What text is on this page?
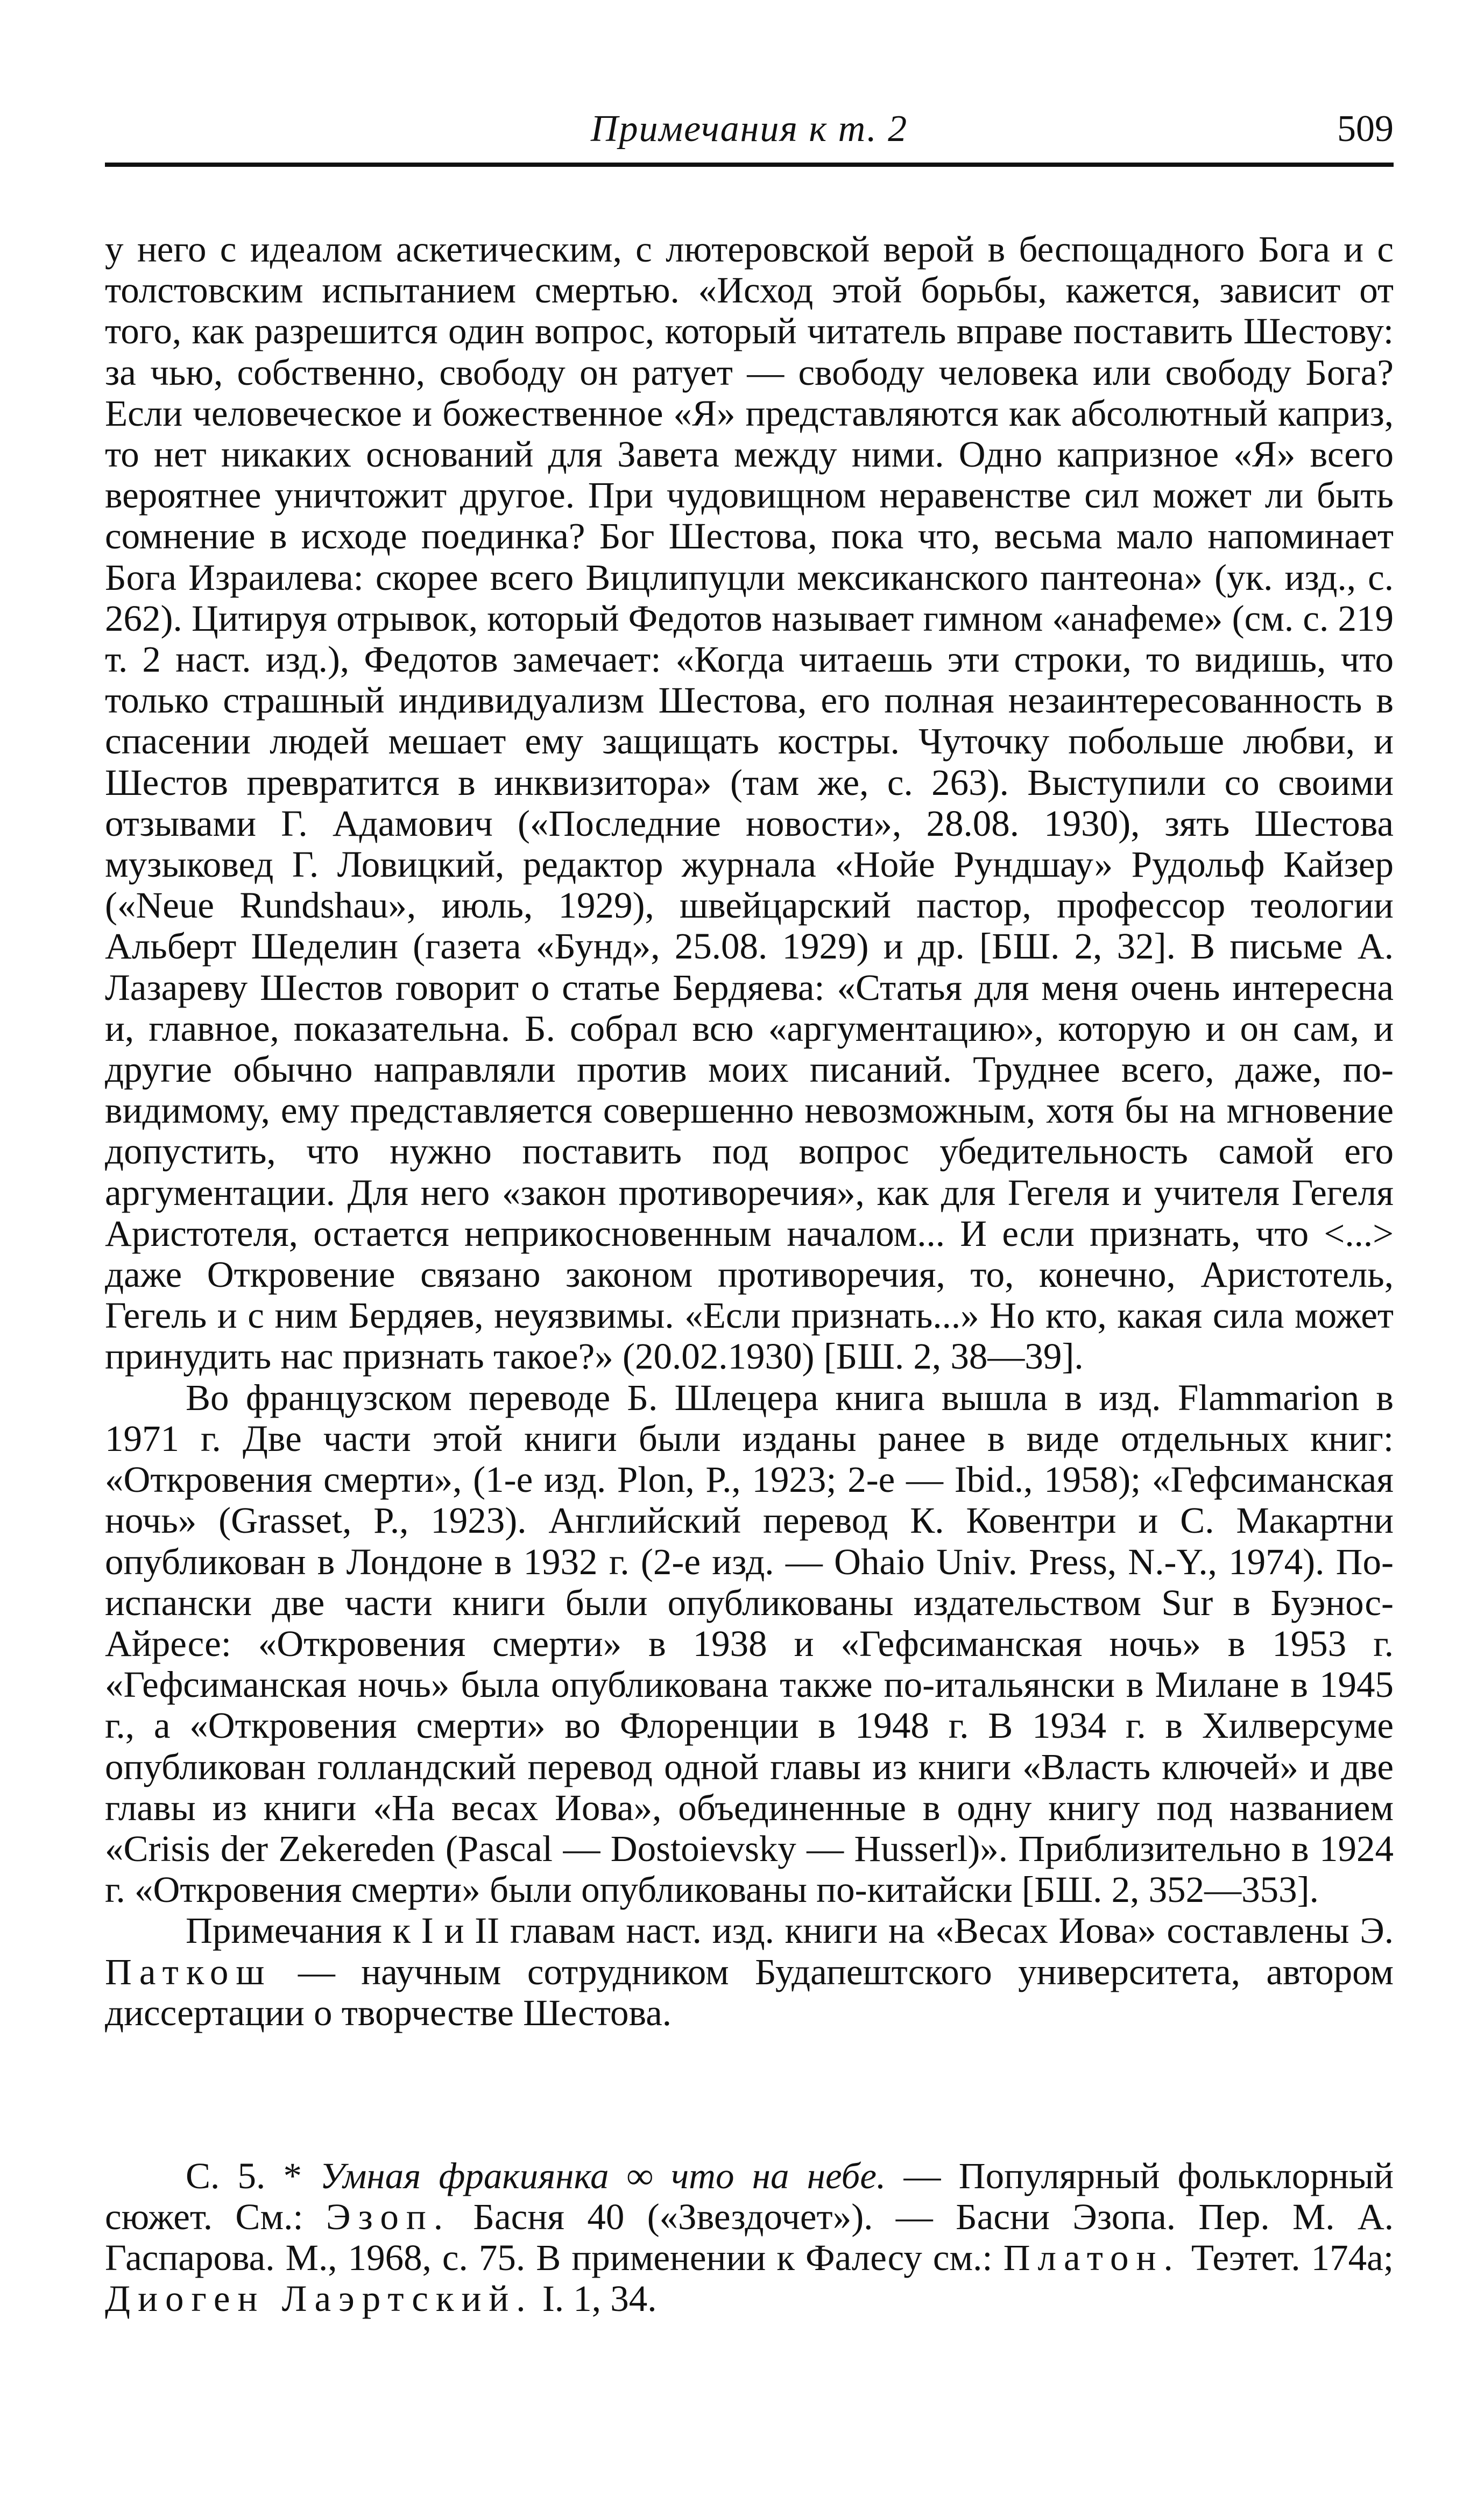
Примечания к т. 2	509

у него с идеалом аскетическим, с лютеровской верой в беспощадного Бога и с толстовским испытанием смертью. «Исход этой борьбы, кажется, зависит от того, как разрешится один вопрос, который читатель вправе поставить Шестову: за чью, собственно, свободу он ратует — свободу человека или свободу Бога? Если человеческое и божественное «Я» представляются как абсолютный каприз, то нет никаких оснований для Завета между ними. Одно капризное «Я» всего вероятнее уничтожит другое. При чудовищном неравенстве сил может ли быть сомнение в исходе поединка? Бог Шестова, пока что, весьма мало напоминает Бога Израилева: скорее всего Вицлипуцли мексиканского пантеона» (ук. изд., с. 262). Цитируя отрывок, который Федотов называет гимном «анафеме» (см. с. 219 т. 2 наст. изд.), Федотов замечает: «Когда читаешь эти строки, то видишь, что только страшный индивидуализм Шестова, его полная незаинтересованность в спасении людей мешает ему защищать костры. Чуточку побольше любви, и Шестов превратится в инквизитора» (там же, с. 263). Выступили со своими отзывами Г. Адамович («Последние новости», 28.08. 1930), зять Шестова музыковед Г. Ловицкий, редактор журнала «Нойе Рундшау» Рудольф Кайзер («Neue Rundshau», июль, 1929), швейцарский пастор, профессор теологии Альберт Шеделин (газета «Бунд», 25.08. 1929) и др. [БШ. 2, 32]. В письме А. Лазареву Шестов говорит о статье Бердяева: «Статья для меня очень интересна и, главное, показательна. Б. собрал всю «аргументацию», которую и он сам, и другие обычно направляли против моих писаний. Труднее всего, даже, по-видимому, ему представляется совершенно невозможным, хотя бы на мгновение допустить, что нужно поставить под вопрос убедительность самой его аргументации. Для него «закон противоречия», как для Гегеля и учителя Гегеля Аристотеля, остается неприкосновенным началом... И если признать, что <...> даже Откровение связано законом противоречия, то, конечно, Аристотель, Гегель и с ним Бердяев, неуязвимы. «Если признать...» Но кто, какая сила может принудить нас признать такое?» (20.02.1930) [БШ. 2, 38—39].

Во французском переводе Б. Шлецера книга вышла в изд. Flammarion в 1971 г. Две части этой книги были изданы ранее в виде отдельных книг: «Откровения смерти», (1-е изд. Plon, P., 1923; 2-е — Ibid., 1958); «Гефсиманская ночь» (Grasset, P., 1923). Английский перевод К. Ковентри и С. Макартни опубликован в Лондоне в 1932 г. (2-е изд. — Ohaio Univ. Press, N.-Y., 1974). По-испански две части книги были опубликованы издательством Sur в Буэнос-Айресе: «Откровения смерти» в 1938 и «Гефсиманская ночь» в 1953 г. «Гефсиманская ночь» была опубликована также по-итальянски в Милане в 1945 г., а «Откровения смерти» во Флоренции в 1948 г. В 1934 г. в Хилверсуме опубликован голландский перевод одной главы из книги «Власть ключей» и две главы из книги «На весах Иова», объединенные в одну книгу под названием «Crisis der Zekereden (Pascal — Dostoievsky — Husserl)». Приблизительно в 1924 г. «Откровения смерти» были опубликованы по-китайски [БШ. 2, 352—353].

Примечания к I и II главам наст. изд. книги на «Весах Иова» составлены Э. Паткош — научным сотрудником Будапештского университета, автором диссертации о творчестве Шестова.

С. 5. * Умная фракиянка ∞ что на небе. — Популярный фольклорный сюжет. См.: Эзоп. Басня 40 («Звездочет»). — Басни Эзопа. Пер. М. А. Гаспарова. М., 1968, с. 75. В применении к Фалесу см.: Платон. Теэтет. 174а; Диоген Лаэртский. I. 1, 34.
